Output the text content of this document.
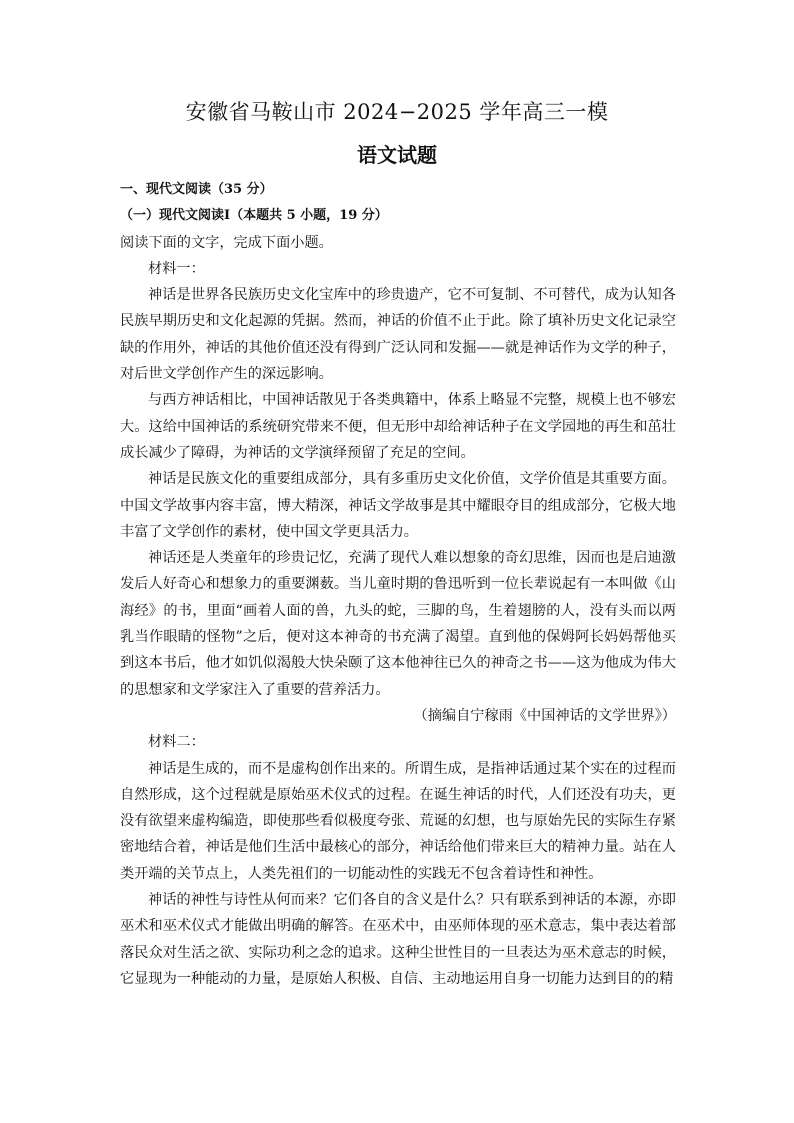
安徽省马鞍山市 2024−2025 学年高三一模
语文试题

一、现代文阅读（35 分）

（一）现代文阅读Ⅰ（本题共 5 小题，19 分）

阅读下面的文字，完成下面小题。

材料一：

神话是世界各民族历史文化宝库中的珍贵遗产，它不可复制、不可替代，成为认知各民族早期历史和文化起源的凭据。然而，神话的价值不止于此。除了填补历史文化记录空缺的作用外，神话的其他价值还没有得到广泛认同和发掘——就是神话作为文学的种子，对后世文学创作产生的深远影响。

与西方神话相比，中国神话散见于各类典籍中，体系上略显不完整，规模上也不够宏大。这给中国神话的系统研究带来不便，但无形中却给神话种子在文学园地的再生和茁壮成长减少了障碍，为神话的文学演绎预留了充足的空间。

神话是民族文化的重要组成部分，具有多重历史文化价值，文学价值是其重要方面。中国文学故事内容丰富，博大精深，神话文学故事是其中耀眼夺目的组成部分，它极大地丰富了文学创作的素材，使中国文学更具活力。

神话还是人类童年的珍贵记忆，充满了现代人难以想象的奇幻思维，因而也是启迪激发后人好奇心和想象力的重要渊薮。当儿童时期的鲁迅听到一位长辈说起有一本叫做《山海经》的书，里面“画着人面的兽，九头的蛇，三脚的鸟，生着翅膀的人，没有头而以两乳当作眼睛的怪物”之后，便对这本神奇的书充满了渴望。直到他的保姆阿长妈妈帮他买到这本书后，他才如饥似渴般大快朵颐了这本他神往已久的神奇之书——这为他成为伟大的思想家和文学家注入了重要的营养活力。

（摘编自宁稼雨《中国神话的文学世界》）

材料二：

神话是生成的，而不是虚构创作出来的。所谓生成，是指神话通过某个实在的过程而自然形成，这个过程就是原始巫术仪式的过程。在诞生神话的时代，人们还没有功夫，更没有欲望来虚构编造，即使那些看似极度夸张、荒诞的幻想，也与原始先民的实际生存紧密地结合着，神话是他们生活中最核心的部分，神话给他们带来巨大的精神力量。站在人类开端的关节点上，人类先祖们的一切能动性的实践无不包含着诗性和神性。

神话的神性与诗性从何而来？它们各自的含义是什么？只有联系到神话的本源，亦即巫术和巫术仪式才能做出明确的解答。在巫术中，由巫师体现的巫术意志，集中表达着部落民众对生活之欲、实际功利之念的追求。这种尘世性目的一旦表达为巫术意志的时候，它显现为一种能动的力量，是原始人积极、自信、主动地运用自身一切能力达到目的的精
